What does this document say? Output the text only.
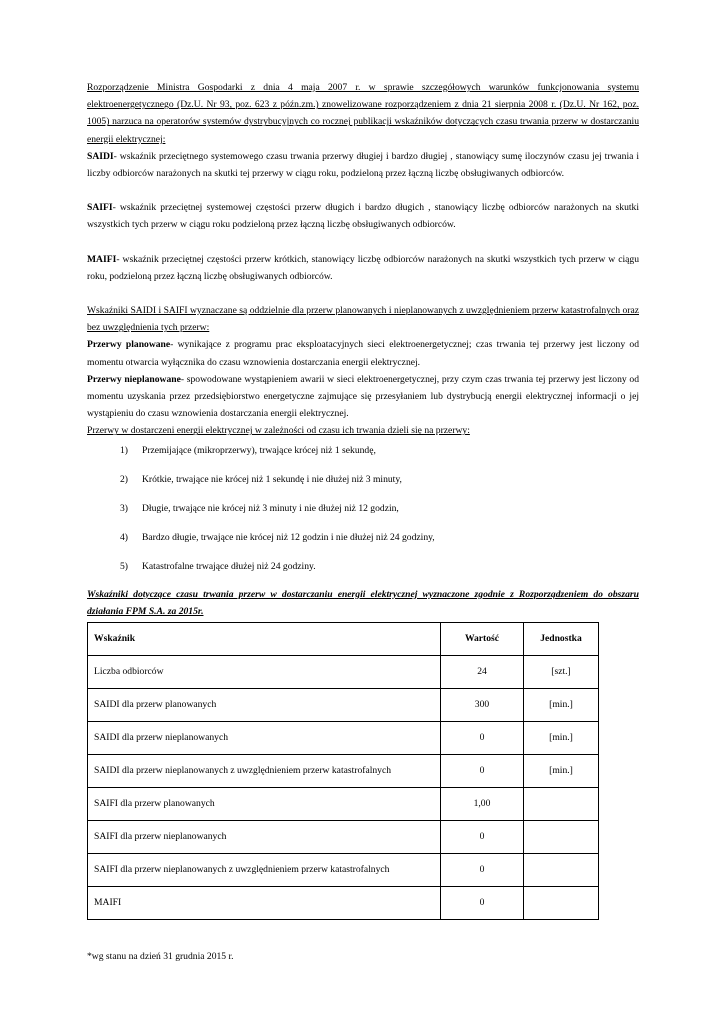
Rozporządzenie Ministra Gospodarki z dnia 4 maja 2007 r. w sprawie szczegółowych warunków funkcjonowania systemu elektroenergetycznego (Dz.U. Nr 93, poz. 623 z późn.zm.) znowelizowane rozporządzeniem z dnia 21 sierpnia 2008 r. (Dz.U. Nr 162, poz. 1005) narzuca na operatorów systemów dystrybucyjnych co rocznej publikacji wskaźników dotyczących czasu trwania przerw w dostarczaniu energii elektrycznej:

SAIDI- wskaźnik przeciętnego systemowego czasu trwania przerwy długiej i bardzo długiej , stanowiący sumę iloczynów czasu jej trwania i liczby odbiorców narażonych na skutki tej przerwy w ciągu roku, podzieloną przez łączną liczbę obsługiwanych odbiorców.

SAIFI- wskaźnik przeciętnej systemowej częstości przerw długich i bardzo długich , stanowiący liczbę odbiorców narażonych na skutki wszystkich tych przerw w ciągu roku podzieloną przez łączną liczbę obsługiwanych odbiorców.

MAIFI- wskaźnik przeciętnej częstości przerw krótkich, stanowiący liczbę odbiorców narażonych na skutki wszystkich tych przerw w ciągu roku, podzieloną przez łączną liczbę obsługiwanych odbiorców.

Wskaźniki SAIDI i SAIFI wyznaczane są oddzielnie dla przerw planowanych i nieplanowanych z uwzględnieniem przerw katastrofalnych oraz bez uwzględnienia tych przerw:

Przerwy planowane- wynikające z programu prac eksploatacyjnych sieci elektroenergetycznej; czas trwania tej przerwy jest liczony od momentu otwarcia wyłącznika do czasu wznowienia dostarczania energii elektrycznej.

Przerwy nieplanowane- spowodowane wystąpieniem awarii w sieci elektroenergetycznej, przy czym czas trwania tej przerwy jest liczony od momentu uzyskania przez przedsiębiorstwo energetyczne zajmujące się przesyłaniem lub dystrybucją energii elektrycznej informacji o jej wystąpieniu do czasu wznowienia dostarczania energii elektrycznej.

Przerwy w dostarczeni energii elektrycznej w zależności od czasu ich trwania dzieli się na przerwy:

1)	Przemijające (mikroprzerwy), trwające krócej niż 1 sekundę,
2)	Krótkie, trwające nie krócej niż 1 sekundę i nie dłużej niż 3 minuty,
3)	Długie, trwające nie krócej niż 3 minuty i nie dłużej niż 12 godzin,
4)	Bardzo długie, trwające nie krócej niż 12 godzin i nie dłużej niż 24 godziny,
5)	Katastrofalne trwające dłużej niż 24 godziny.
Wskaźniki dotyczące czasu trwania przerw w dostarczaniu energii elektrycznej wyznaczone zgodnie z Rozporządzeniem do obszaru działania FPM S.A. za 2015r.
Wskaźnik	Wartość	Jednostka
Liczba odbiorców	24	[szt.]
SAIDI dla przerw planowanych	300	[min.]
SAIDI dla przerw nieplanowanych	0	[min.]
SAIDI dla przerw nieplanowanych z uwzględnieniem przerw katastrofalnych	0	[min.]
SAIFI dla przerw planowanych	1,00	
SAIFI dla przerw nieplanowanych	0	
SAIFI dla przerw nieplanowanych z uwzględnieniem przerw katastrofalnych	0	
MAIFI	0	
*wg stanu na dzień 31 grudnia 2015 r.
